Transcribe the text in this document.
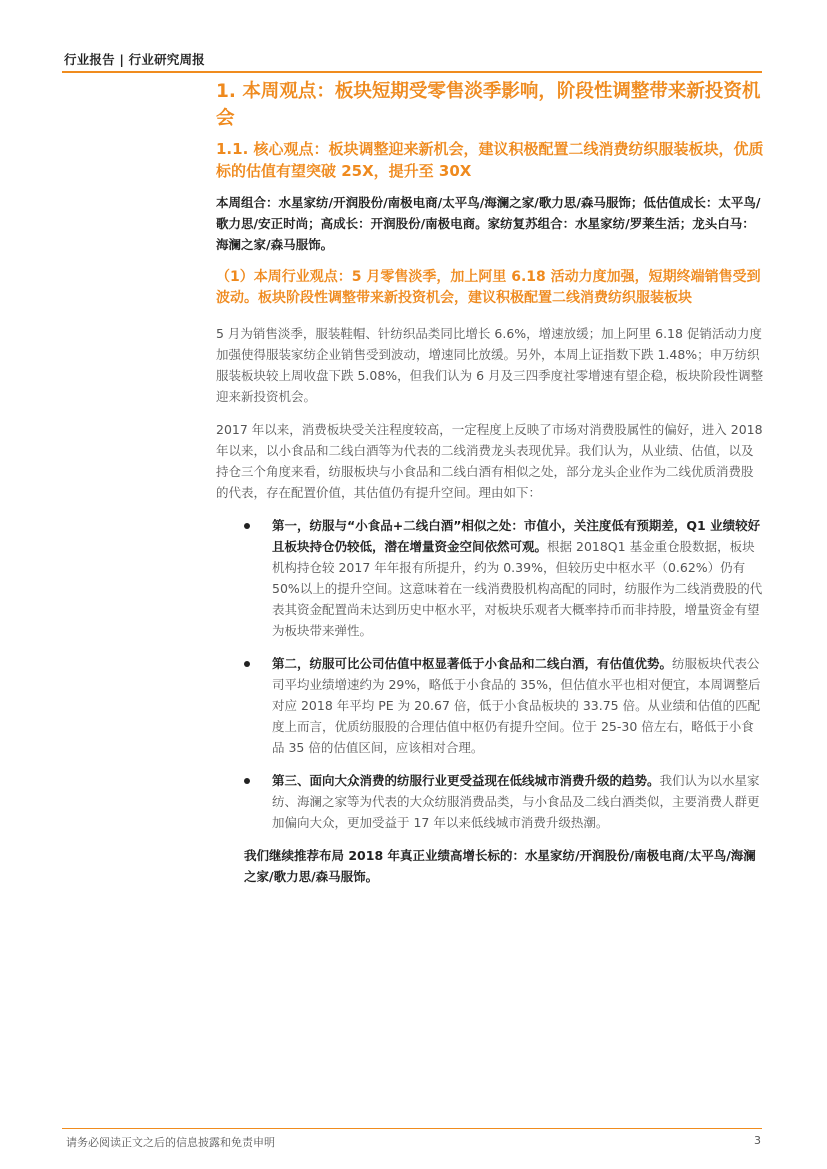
行业报告 | 行业研究周报
1. 本周观点：板块短期受零售淡季影响，阶段性调整带来新投资机会
1.1. 核心观点：板块调整迎来新机会，建议积极配置二线消费纺织服装板块，优质标的估值有望突破 25X，提升至 30X
本周组合：水星家纺/开润股份/南极电商/太平鸟/海澜之家/歌力思/森马服饰；低估值成长：太平鸟/歌力思/安正时尚；高成长：开润股份/南极电商。家纺复苏组合：水星家纺/罗莱生活；龙头白马：海澜之家/森马服饰。
（1）本周行业观点：5 月零售淡季，加上阿里 6.18 活动力度加强，短期终端销售受到波动。板块阶段性调整带来新投资机会，建议积极配置二线消费纺织服装板块
5 月为销售淡季，服装鞋帽、针纺织品类同比增长 6.6%，增速放缓；加上阿里 6.18 促销活动力度加强使得服装家纺企业销售受到波动，增速同比放缓。另外，本周上证指数下跌 1.48%；申万纺织服装板块较上周收盘下跌 5.08%，但我们认为 6 月及三四季度社零增速有望企稳，板块阶段性调整迎来新投资机会。
2017 年以来，消费板块受关注程度较高，一定程度上反映了市场对消费股属性的偏好，进入 2018 年以来，以小食品和二线白酒等为代表的二线消费龙头表现优异。我们认为，从业绩、估值，以及持仓三个角度来看，纺服板块与小食品和二线白酒有相似之处，部分龙头企业作为二线优质消费股的代表，存在配置价值，其估值仍有提升空间。理由如下：
第一，纺服与“小食品+二线白酒”相似之处：市值小，关注度低有预期差，Q1 业绩较好且板块持仓仍较低，潜在增量资金空间依然可观。根据 2018Q1 基金重仓股数据，板块机构持仓较 2017 年年报有所提升，约为 0.39%，但较历史中枢水平（0.62%）仍有 50%以上的提升空间。这意味着在一线消费股机构高配的同时，纺服作为二线消费股的代表其资金配置尚未达到历史中枢水平，对板块乐观者大概率持币而非持股，增量资金有望为板块带来弹性。
第二，纺服可比公司估值中枢显著低于小食品和二线白酒，有估值优势。纺服板块代表公司平均业绩增速约为 29%，略低于小食品的 35%，但估值水平也相对便宜，本周调整后对应 2018 年平均 PE 为 20.67 倍，低于小食品板块的 33.75 倍。从业绩和估值的匹配度上而言，优质纺服股的合理估值中枢仍有提升空间。位于 25-30 倍左右，略低于小食品 35 倍的估值区间，应该相对合理。
第三、面向大众消费的纺服行业更受益现在低线城市消费升级的趋势。我们认为以水星家纺、海澜之家等为代表的大众纺服消费品类，与小食品及二线白酒类似，主要消费人群更加偏向大众，更加受益于 17 年以来低线城市消费升级热潮。
我们继续推荐布局 2018 年真正业绩高增长标的：水星家纺/开润股份/南极电商/太平鸟/海澜之家/歌力思/森马服饰。
请务必阅读正文之后的信息披露和免责申明	3
